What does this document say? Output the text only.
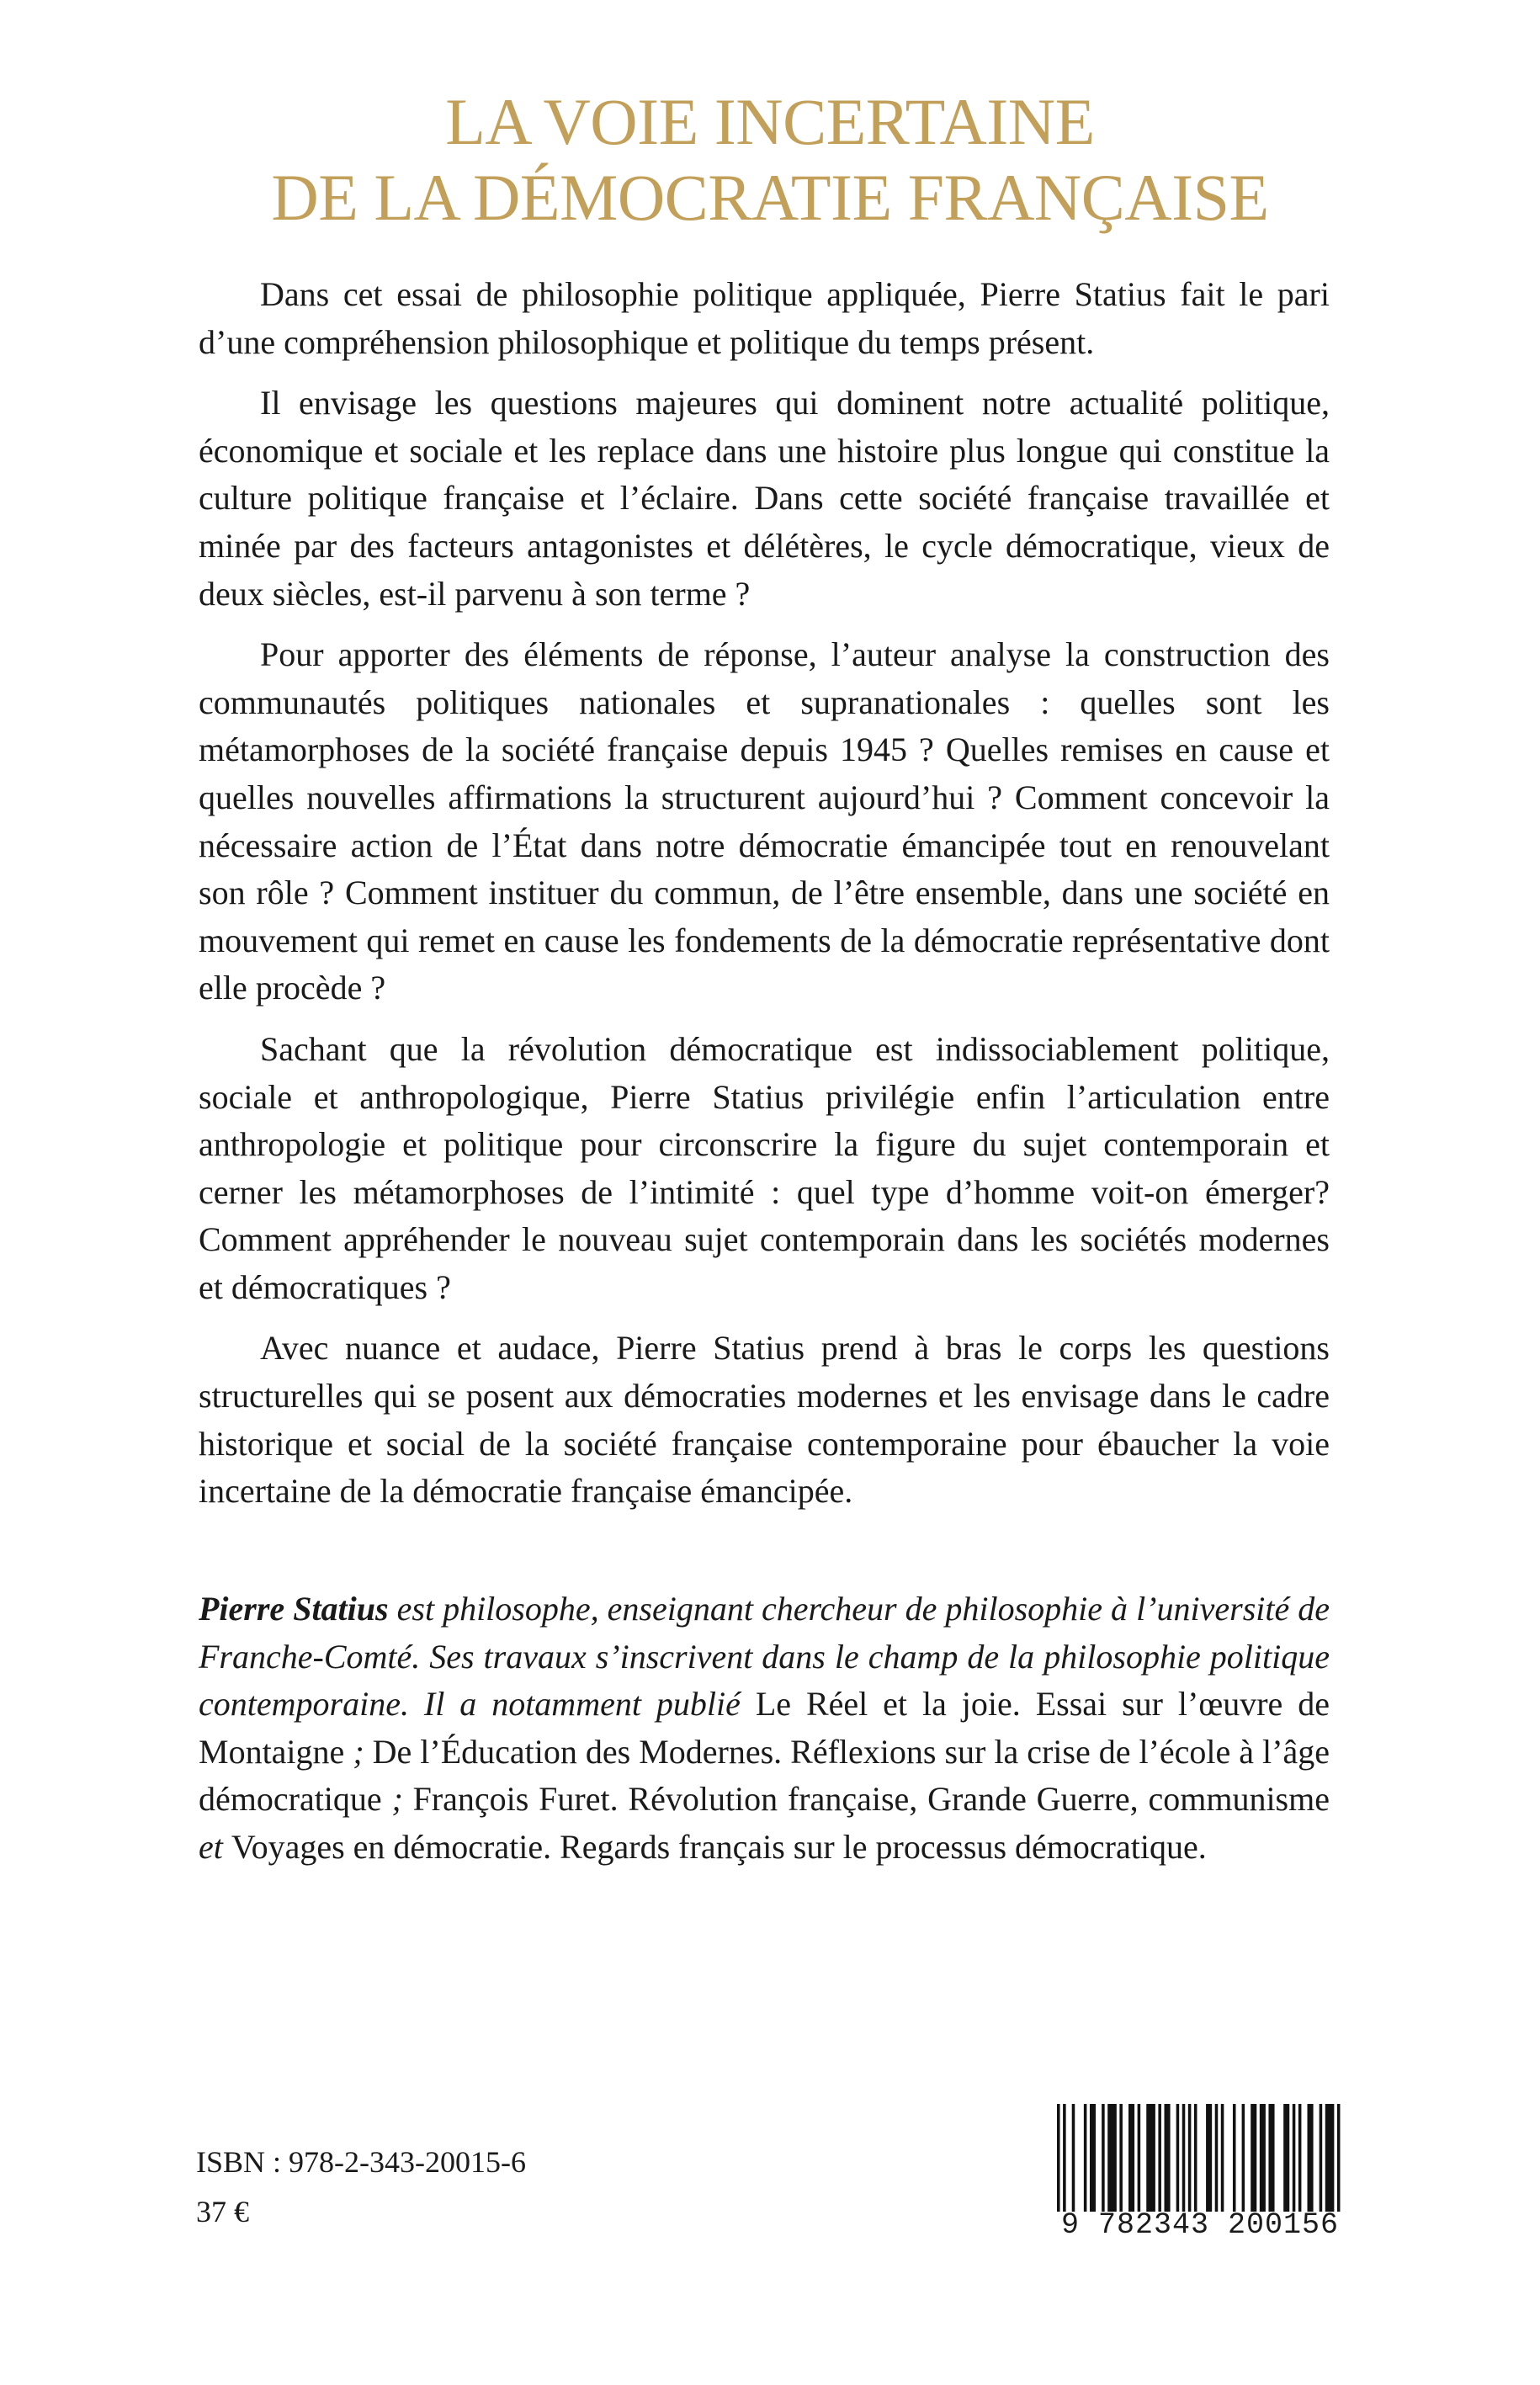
LA VOIE INCERTAINE
DE LA DÉMOCRATIE FRANÇAISE

Dans cet essai de philosophie politique appliquée, Pierre Statius fait le pari d’une compréhension philosophique et politique du temps présent.

Il envisage les questions majeures qui dominent notre actualité politique, économique et sociale et les replace dans une histoire plus longue qui constitue la culture politique française et l’éclaire. Dans cette société française travaillée et minée par des facteurs antagonistes et délétères, le cycle démocratique, vieux de deux siècles, est-il parvenu à son terme ?

Pour apporter des éléments de réponse, l’auteur analyse la construction des communautés politiques nationales et supranationales : quelles sont les métamorphoses de la société française depuis 1945 ? Quelles remises en cause et quelles nouvelles affirmations la structurent aujourd’hui ? Comment concevoir la nécessaire action de l’État dans notre démocratie émancipée tout en renouvelant son rôle ? Comment instituer du commun, de l’être ensemble, dans une société en mouvement qui remet en cause les fondements de la démocratie représentative dont elle procède ?

Sachant que la révolution démocratique est indissociablement politique, sociale et anthropologique, Pierre Statius privilégie enfin l’articulation entre anthropologie et politique pour circonscrire la figure du sujet contemporain et cerner les métamorphoses de l’intimité : quel type d’homme voit-on émerger? Comment appréhender le nouveau sujet contemporain dans les sociétés modernes et démocratiques ?

Avec nuance et audace, Pierre Statius prend à bras le corps les questions structurelles qui se posent aux démocraties modernes et les envisage dans le cadre historique et social de la société française contemporaine pour ébaucher la voie incertaine de la démocratie française émancipée.

Pierre Statius est philosophe, enseignant chercheur de philosophie à l’université de Franche-Comté. Ses travaux s’inscrivent dans le champ de la philosophie politique contemporaine. Il a notamment publié Le Réel et la joie. Essai sur l’œuvre de Montaigne ; De l’Éducation des Modernes. Réflexions sur la crise de l’école à l’âge démocratique ; François Furet. Révolution française, Grande Guerre, communisme et Voyages en démocratie. Regards français sur le processus démocratique.

ISBN : 978-2-343-20015-6
37 €	9 782343 200156
